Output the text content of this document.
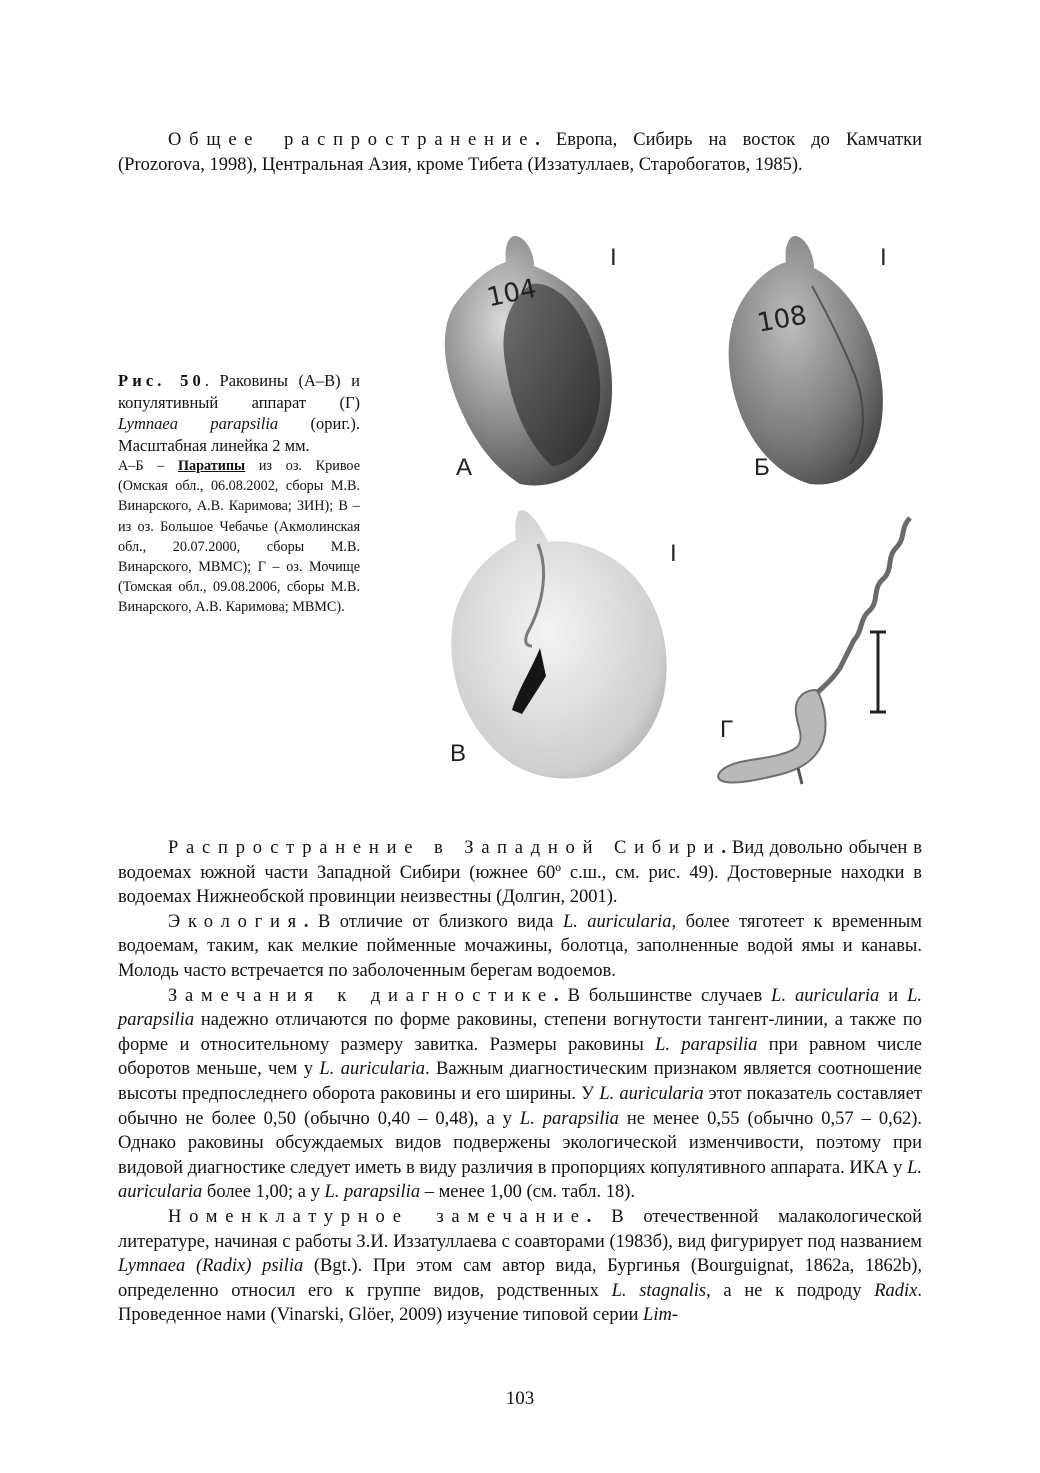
Общее распространение. Европа, Сибирь на восток до Камчатки (Prozorova, 1998), Центральная Азия, кроме Тибета (Иззатуллаев, Старобогатов, 1985).

Рис. 50. Раковины (А–В) и копулятивный аппарат (Г) Lymnaea parapsilia (ориг.). Масштабная линейка 2 мм.
А–Б – Паратипы из оз. Кривое (Омская обл., 06.08.2002, сборы М.В. Винарского, А.В. Каримова; ЗИН); В – из оз. Большое Чебачье (Акмолинская обл., 20.07.2000, сборы М.В. Винарского, МВМС); Г – оз. Мочище (Томская обл., 09.08.2006, сборы М.В. Винарского, А.В. Каримова; МВМС).
104
108
А	Б
В
Г
I	I
I

Распространение в Западной Сибири. Вид довольно обычен в водоемах южной части Западной Сибири (южнее 60º с.ш., см. рис. 49). Достоверные находки в водоемах Нижнеобской провинции неизвестны (Долгин, 2001).

Экология. В отличие от близкого вида L. auricularia, более тяготеет к временным водоемам, таким, как мелкие пойменные мочажины, болотца, заполненные водой ямы и канавы. Молодь часто встречается по заболоченным берегам водоемов.

Замечания к диагностике. В большинстве случаев L. auricularia и L. parapsilia надежно отличаются по форме раковины, степени вогнутости тангент-линии, а также по форме и относительному размеру завитка. Размеры раковины L. parapsilia при равном числе оборотов меньше, чем у L. auricularia. Важным диагностическим признаком является соотношение высоты предпоследнего оборота раковины и его ширины. У L. auricularia этот показатель составляет обычно не более 0,50 (обычно 0,40 – 0,48), а у L. parapsilia не менее 0,55 (обычно 0,57 – 0,62). Однако раковины обсуждаемых видов подвержены экологической изменчивости, поэтому при видовой диагностике следует иметь в виду различия в пропорциях копулятивного аппарата. ИКА у L. auricularia более 1,00; а у L. parapsilia – менее 1,00 (см. табл. 18).

Номенклатурное замечание. В отечественной малакологической литературе, начиная с работы З.И. Иззатуллаева с соавторами (1983б), вид фигурирует под названием Lymnaea (Radix) psilia (Bgt.). При этом сам автор вида, Бургинья (Bourguignat, 1862a, 1862b), определенно относил его к группе видов, родственных L. stagnalis, а не к подроду Radix. Проведенное нами (Vinarski, Glöer, 2009) изучение типовой серии Lim-

103
